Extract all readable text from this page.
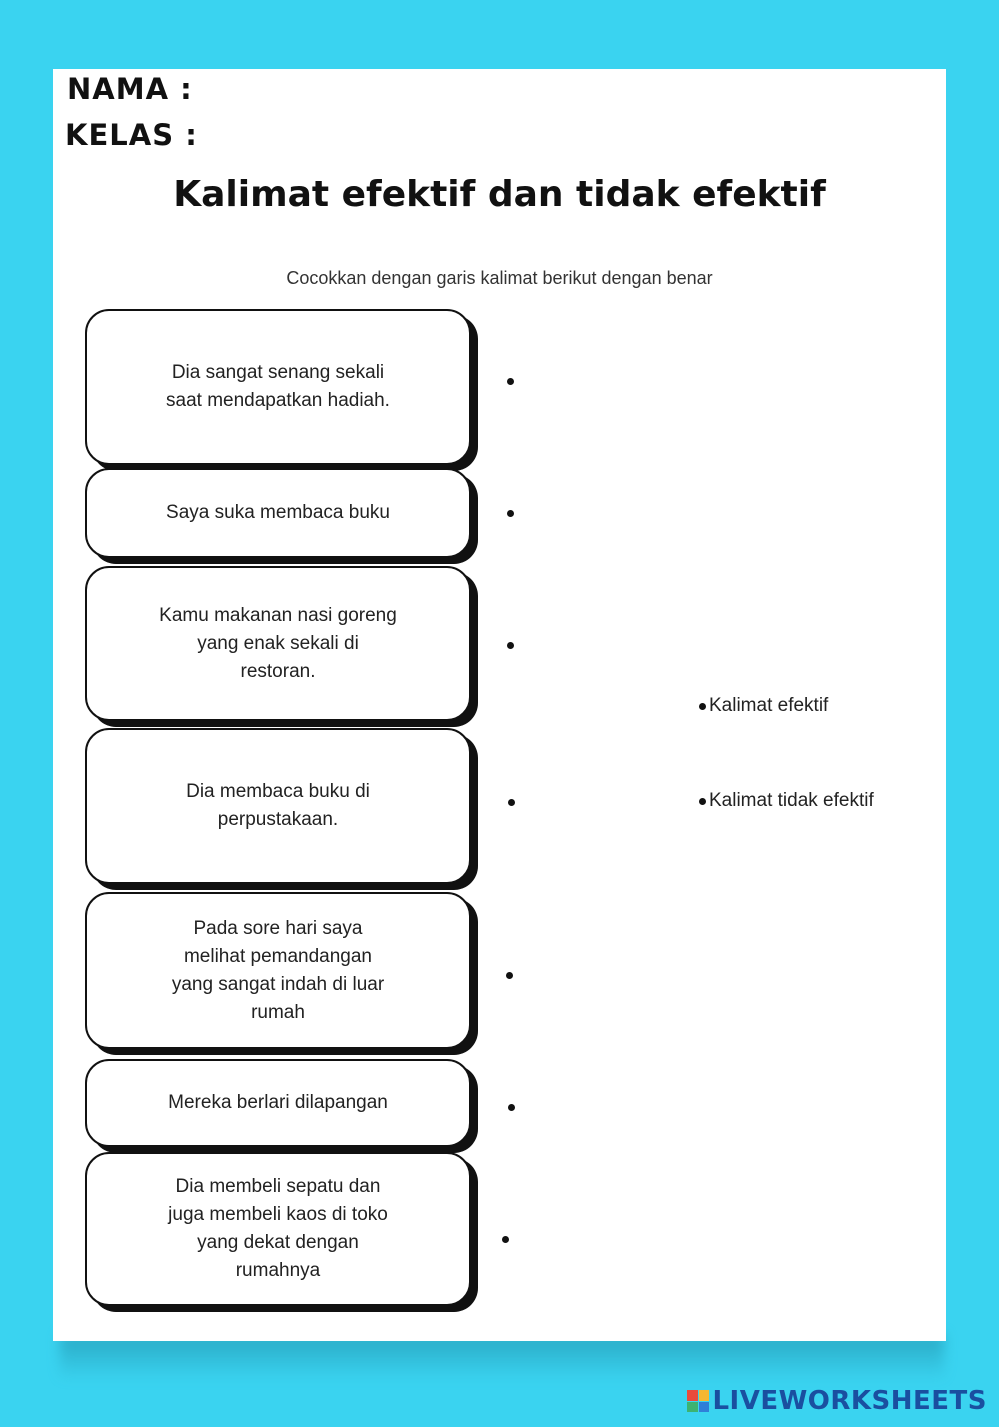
NAMA :
KELAS :
Kalimat efektif dan tidak efektif
Cocokkan dengan garis kalimat berikut dengan benar
Dia sangat senang sekali
saat mendapatkan hadiah.
Saya suka membaca buku
Kamu makanan nasi goreng
yang enak sekali di
restoran.
Dia membaca buku di
perpustakaan.
Pada sore hari saya
melihat pemandangan
yang sangat indah di luar
rumah
Mereka berlari dilapangan
Dia membeli sepatu dan
juga membeli kaos di toko
yang dekat dengan
rumahnya
Kalimat efektif
Kalimat tidak efektif
LIVEWORKSHEETS
